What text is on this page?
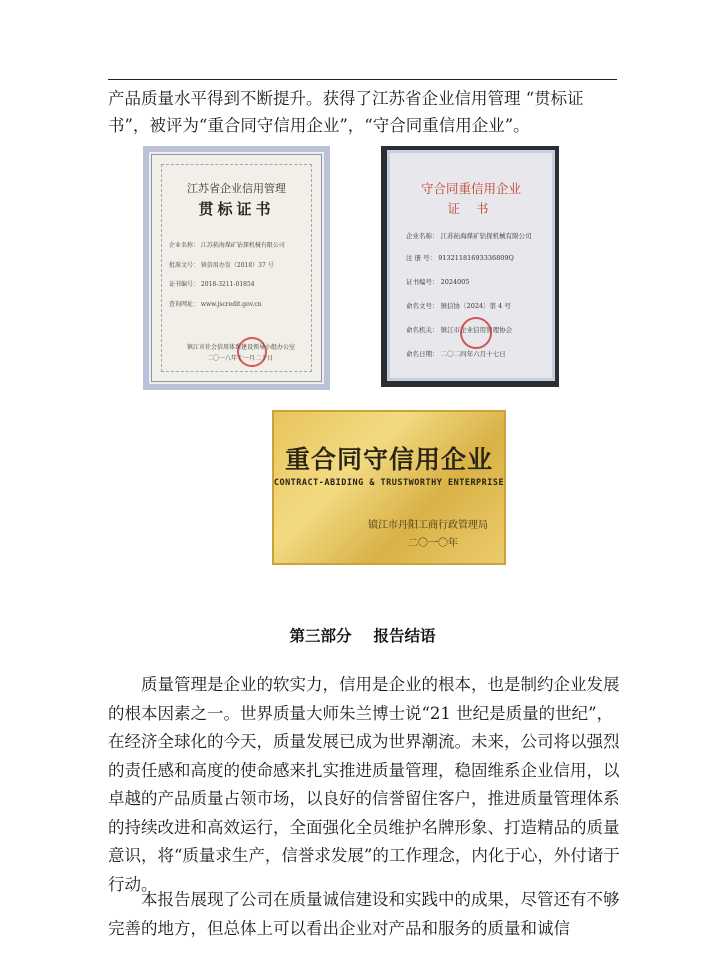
产品质量水平得到不断提升。获得了江苏省企业信用管理 “贯标证书”，被评为“重合同守信用企业”，“守合同重信用企业”。

江苏省企业信用管理
贯标证书
企业名称： 江苏拓海煤矿钻探机械有限公司
批准文号： 镇信用办发（2018）37 号
证书编号： 2018-3211-01854
查询网址： www.jscredit.gov.cn
镇江市社会信用体系建设领导小组办公室
二〇一八年十一月二十日
守合同重信用企业
证书
企业名称： 江苏拓海煤矿钻探机械有限公司
注 册 号： 91321181693336809Q
证书编号： 2024005
命名文号： 镇信协〔2024〕第 4 号
命名机关： 镇江市企业信用管理协会
命名日期： 二〇二四年六月十七日
重合同守信用企业
CONTRACT-ABIDING & TRUSTWORTHY ENTERPRISE
镇江市丹阳工商行政管理局
二〇一〇年
第三部分 报告结语

质量管理是企业的软实力，信用是企业的根本，也是制约企业发展的根本因素之一。世界质量大师朱兰博士说“21 世纪是质量的世纪”，在经济全球化的今天，质量发展已成为世界潮流。未来，公司将以强烈的责任感和高度的使命感来扎实推进质量管理，稳固维系企业信用，以卓越的产品质量占领市场，以良好的信誉留住客户，推进质量管理体系的持续改进和高效运行，全面强化全员维护名牌形象、打造精品的质量意识，将“质量求生产，信誉求发展”的工作理念，内化于心，外付诸于行动。

本报告展现了公司在质量诚信建设和实践中的成果，尽管还有不够完善的地方，但总体上可以看出企业对产品和服务的质量和诚信
